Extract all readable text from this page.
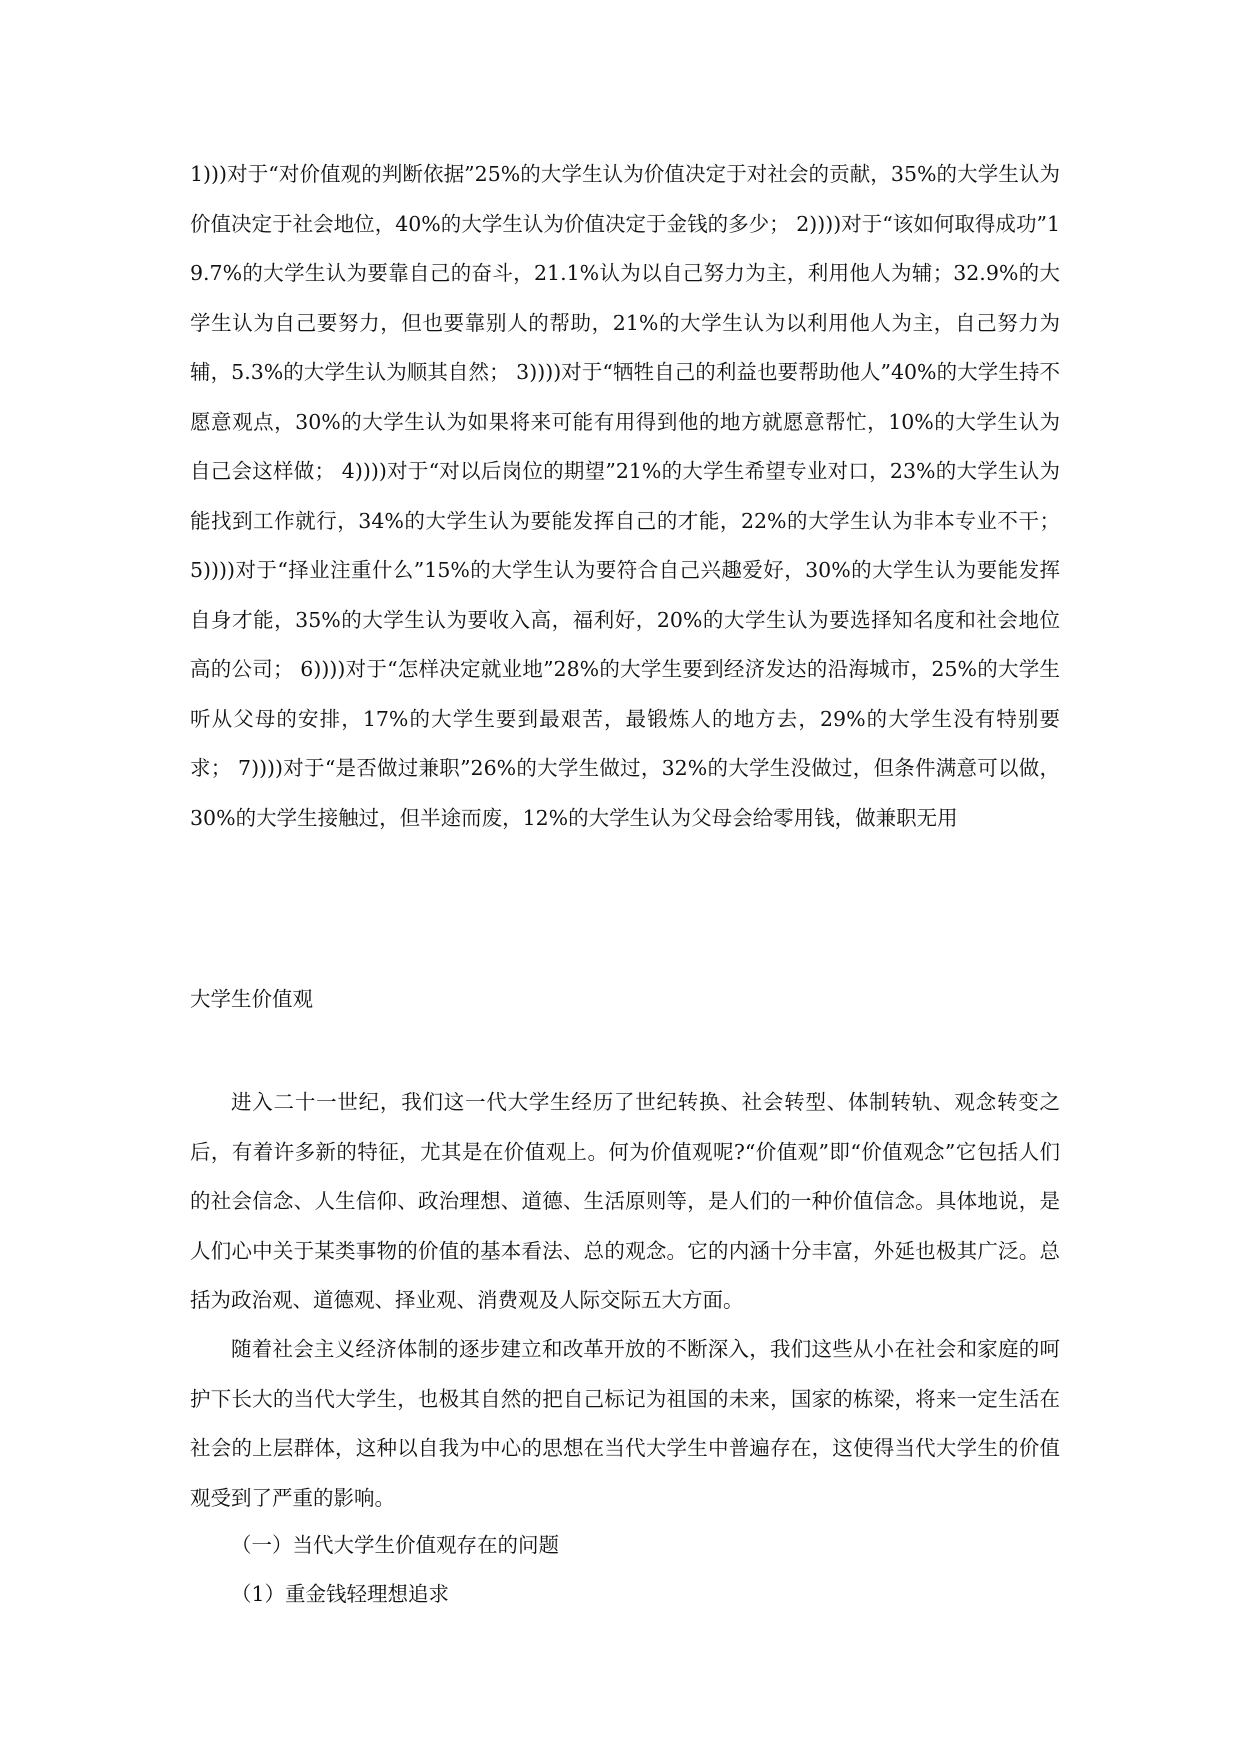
1)))对于“对价值观的判断依据”25%的大学生认为价值决定于对社会的贡献，35%的大学生认为价值决定于社会地位，40%的大学生认为价值决定于金钱的多少； 2))))对于“该如何取得成功”19.7%的大学生认为要靠自己的奋斗，21.1%认为以自己努力为主，利用他人为辅；32.9%的大学生认为自己要努力，但也要靠别人的帮助，21%的大学生认为以利用他人为主，自己努力为辅，5.3%的大学生认为顺其自然； 3))))对于“牺牲自己的利益也要帮助他人”40%的大学生持不愿意观点，30%的大学生认为如果将来可能有用得到他的地方就愿意帮忙，10%的大学生认为自己会这样做； 4))))对于“对以后岗位的期望”21%的大学生希望专业对口，23%的大学生认为能找到工作就行，34%的大学生认为要能发挥自己的才能，22%的大学生认为非本专业不干； 5))))对于“择业注重什么”15%的大学生认为要符合自己兴趣爱好，30%的大学生认为要能发挥自身才能，35%的大学生认为要收入高，福利好，20%的大学生认为要选择知名度和社会地位高的公司； 6))))对于“怎样决定就业地”28%的大学生要到经济发达的沿海城市，25%的大学生听从父母的安排，17%的大学生要到最艰苦，最锻炼人的地方去，29%的大学生没有特别要求； 7))))对于“是否做过兼职”26%的大学生做过，32%的大学生没做过，但条件满意可以做，30%的大学生接触过，但半途而废，12%的大学生认为父母会给零用钱，做兼职无用

大学生价值观

进入二十一世纪，我们这一代大学生经历了世纪转换、社会转型、体制转轨、观念转变之后，有着许多新的特征，尤其是在价值观上。何为价值观呢?“价值观”即“价值观念”它包括人们的社会信念、人生信仰、政治理想、道德、生活原则等，是人们的一种价值信念。具体地说，是人们心中关于某类事物的价值的基本看法、总的观念。它的内涵十分丰富，外延也极其广泛。总括为政治观、道德观、择业观、消费观及人际交际五大方面。

随着社会主义经济体制的逐步建立和改革开放的不断深入，我们这些从小在社会和家庭的呵护下长大的当代大学生，也极其自然的把自己标记为祖国的未来，国家的栋梁，将来一定生活在社会的上层群体，这种以自我为中心的思想在当代大学生中普遍存在，这使得当代大学生的价值观受到了严重的影响。

（一）当代大学生价值观存在的问题

（1）重金钱轻理想追求
